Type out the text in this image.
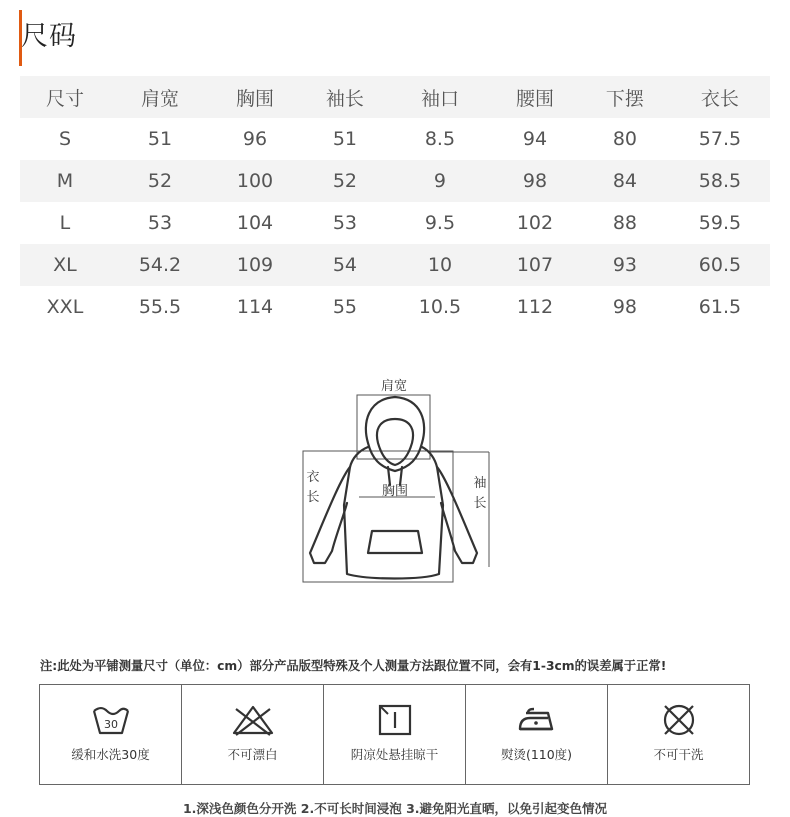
尺码
尺寸	肩宽	胸围	袖长	袖口	腰围	下摆	衣长
S	51	96	51	8.5	94	80	57.5
M	52	100	52	9	98	84	58.5
L	53	104	53	9.5	102	88	59.5
XL	54.2	109	54	10	107	93	60.5
XXL	55.5	114	55	10.5	112	98	61.5
肩宽
胸围
衣
长
袖
长
注:此处为平铺测量尺寸（单位：cm）部分产品版型特殊及个人测量方法跟位置不同，会有1-3cm的误差属于正常!
30
缓和水洗30度	不可漂白	阴凉处悬挂晾干	熨烫(110度)	不可干洗
1.深浅色颜色分开洗 2.不可长时间浸泡 3.避免阳光直晒，以免引起变色情况
